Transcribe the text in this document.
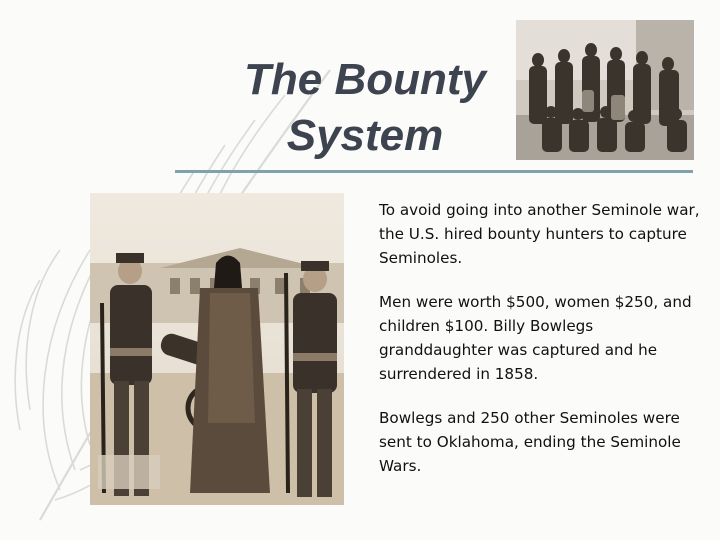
The Bounty
System

To avoid going into another Seminole war, the U.S. hired bounty hunters to capture Seminoles.

Men were worth $500, women $250, and children $100. Billy Bowlegs granddaughter was captured and he surrendered in 1858.

Bowlegs and 250 other Seminoles were sent to Oklahoma, ending the Seminole Wars.
